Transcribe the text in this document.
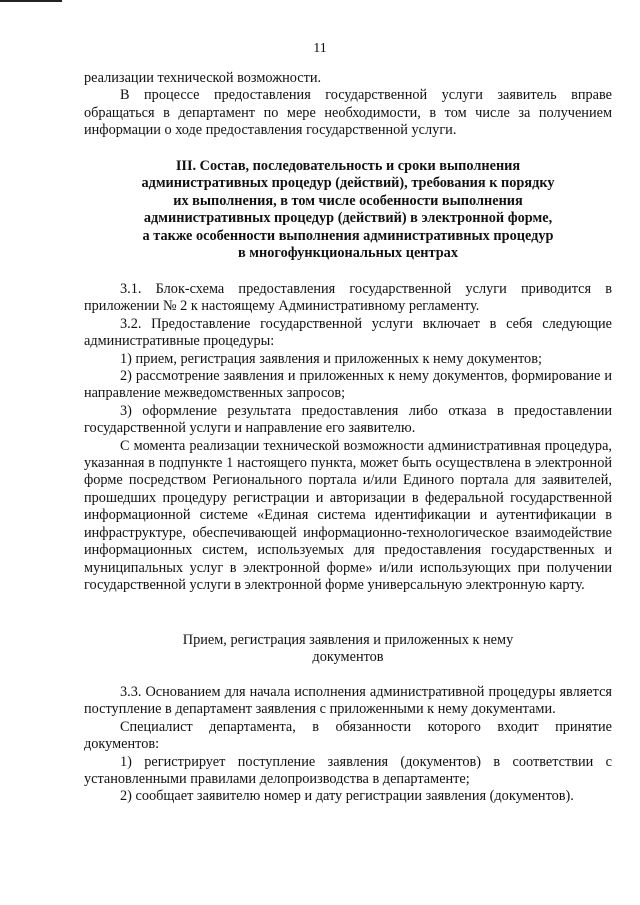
11

реализации технической возможности.

В процессе предоставления государственной услуги заявитель вправе обращаться в департамент по мере необходимости, в том числе за получением информации о ходе предоставления государственной услуги.

III. Состав, последовательность и сроки выполнения
административных процедур (действий), требования к порядку
их выполнения, в том числе особенности выполнения
административных процедур (действий) в электронной форме,
а также особенности выполнения административных процедур
в многофункциональных центрах

3.1. Блок-схема предоставления государственной услуги приводится в приложении № 2 к настоящему Административному регламенту.

3.2. Предоставление государственной услуги включает в себя следующие административные процедуры:

1) прием, регистрация заявления и приложенных к нему документов;

2) рассмотрение заявления и приложенных к нему документов, формирование и направление межведомственных запросов;

3) оформление результата предоставления либо отказа в предоставлении государственной услуги и направление его заявителю.

С момента реализации технической возможности административная процедура, указанная в подпункте 1 настоящего пункта, может быть осуществлена в электронной форме посредством Регионального портала и/или Единого портала для заявителей, прошедших процедуру регистрации и авторизации в федеральной государственной информационной системе «Единая система идентификации и аутентификации в инфраструктуре, обеспечивающей информационно-технологическое взаимодействие информационных систем, используемых для предоставления государственных и муниципальных услуг в электронной форме» и/или использующих при получении государственной услуги в электронной форме универсальную электронную карту.

Прием, регистрация заявления и приложенных к нему
документов

3.3. Основанием для начала исполнения административной процедуры является поступление в департамент заявления с приложенными к нему документами.

Специалист департамента, в обязанности которого входит принятие документов:

1) регистрирует поступление заявления (документов) в соответствии с установленными правилами делопроизводства в департаменте;

2) сообщает заявителю номер и дату регистрации заявления (документов).
